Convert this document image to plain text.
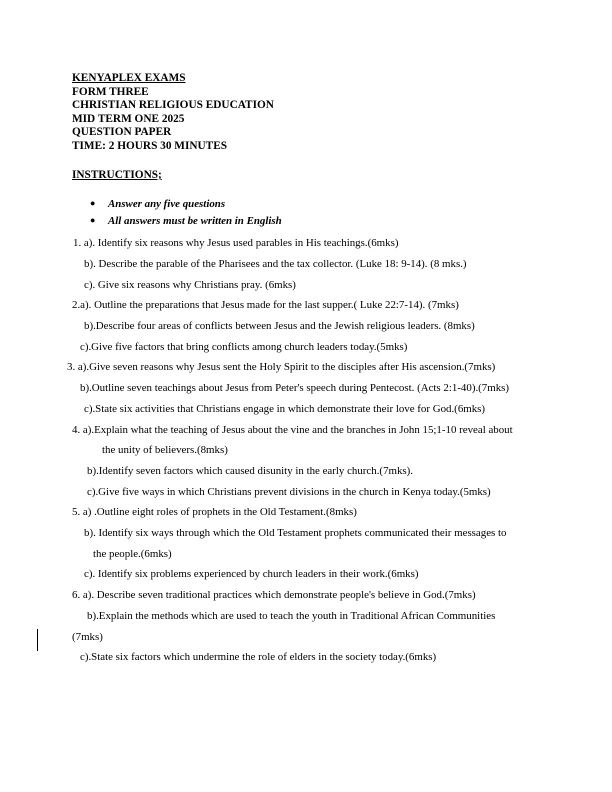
KENYAPLEX EXAMS
FORM THREE
CHRISTIAN RELIGIOUS EDUCATION
MID TERM ONE 2025
QUESTION PAPER
TIME: 2 HOURS 30 MINUTES
INSTRUCTIONS;
● Answer any five questions
● All answers must be written in English
1. a). Identify six reasons why Jesus used parables in His teachings.(6mks)
b). Describe the parable of the Pharisees and the tax collector. (Luke 18: 9-14). (8 mks.)
c). Give six reasons why Christians pray. (6mks)
2.a). Outline the preparations that Jesus made for the last supper.( Luke 22:7-14). (7mks)
b).Describe four areas of conflicts between Jesus and the Jewish religious leaders. (8mks)
c).Give five factors that bring conflicts among church leaders today.(5mks)
3. a).Give seven reasons why Jesus sent the Holy Spirit to the disciples after His ascension.(7mks)
b).Outline seven teachings about Jesus from Peter's speech during Pentecost. (Acts 2:1-40).(7mks)
c).State six activities that Christians engage in which demonstrate their love for God.(6mks)
4. a).Explain what the teaching of Jesus about the vine and the branches in John 15;1-10 reveal about
the unity of believers.(8mks)
b).Identify seven factors which caused disunity in the early church.(7mks).
c).Give five ways in which Christians prevent divisions in the church in Kenya today.(5mks)
5. a) .Outline eight roles of prophets in the Old Testament.(8mks)
b). Identify six ways through which the Old Testament prophets communicated their messages to
the people.(6mks)
c). Identify six problems experienced by church leaders in their work.(6mks)
6. a). Describe seven traditional practices which demonstrate people's believe in God.(7mks)
b).Explain the methods which are used to teach the youth in Traditional African Communities
(7mks)
c).State six factors which undermine the role of elders in the society today.(6mks)
